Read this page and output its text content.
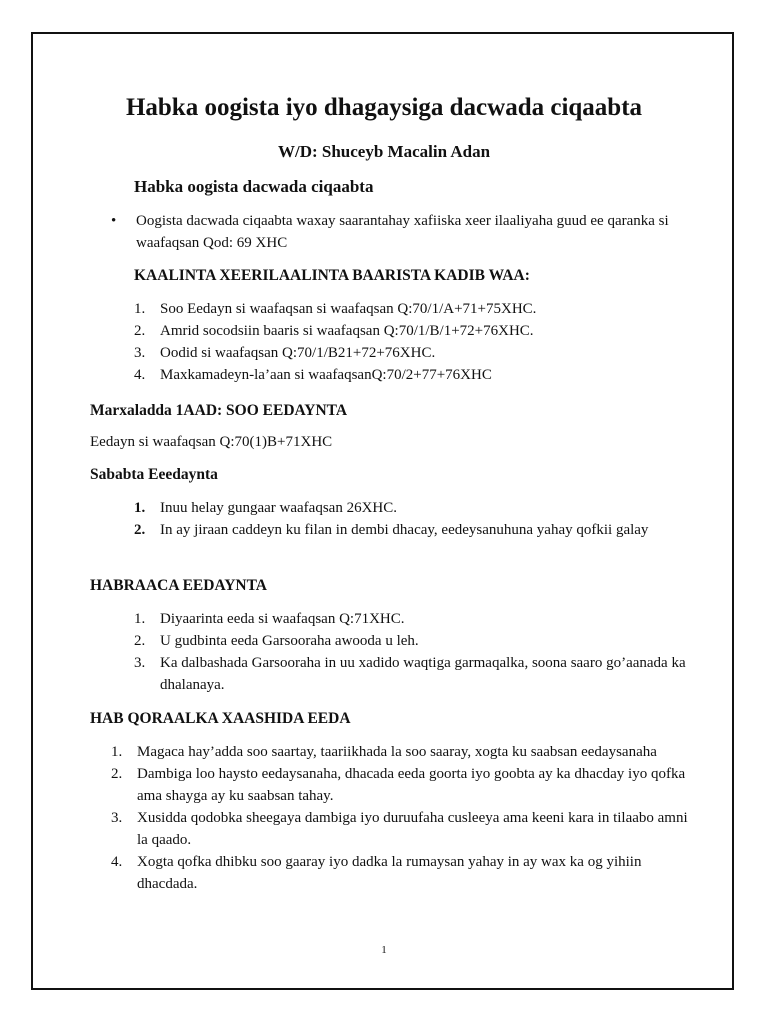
Habka oogista iyo dhagaysiga dacwada ciqaabta

W/D: Shuceyb Macalin Adan

Habka oogista dacwada ciqaabta
• Oogista dacwada ciqaabta waxay saarantahay xafiiska xeer ilaaliyaha guud ee qaranka si waafaqsan Qod: 69 XHC
KAALINTA XEERILAALINTA BAARISTA KADIB WAA:
1. Soo Eedayn si waafaqsan si waafaqsan Q:70/1/A+71+75XHC.
2. Amrid socodsiin baaris si waafaqsan Q:70/1/B/1+72+76XHC.
3. Oodid si waafaqsan Q:70/1/B21+72+76XHC.
4. Maxkamadeyn-la’aan si waafaqsanQ:70/2+77+76XHC
Marxaladda 1AAD: SOO EEDAYNTA

Eedayn si waafaqsan Q:70(1)B+71XHC

Sababta Eeedaynta
1. Inuu helay gungaar waafaqsan 26XHC.
2. In ay jiraan caddeyn ku filan in dembi dhacay, eedeysanuhuna yahay qofkii galay
HABRAACA EEDAYNTA
1. Diyaarinta eeda si waafaqsan Q:71XHC.
2. U gudbinta eeda Garsooraha awooda u leh.
3. Ka dalbashada Garsooraha in uu xadido waqtiga garmaqalka, soona saaro go’aanada ka dhalanaya.
HAB QORAALKA XAASHIDA EEDA
1. Magaca hay’adda soo saartay, taariikhada la soo saaray, xogta ku saabsan eedaysanaha
2. Dambiga loo haysto eedaysanaha, dhacada eeda goorta iyo goobta ay ka dhacday iyo qofka ama shayga ay ku saabsan tahay.
3. Xusidda qodobka sheegaya dambiga iyo duruufaha cusleeya ama keeni kara in tilaabo amni la qaado.
4. Xogta qofka dhibku soo gaaray iyo dadka la rumaysan yahay in ay wax ka og yihiin dhacdada.
1
